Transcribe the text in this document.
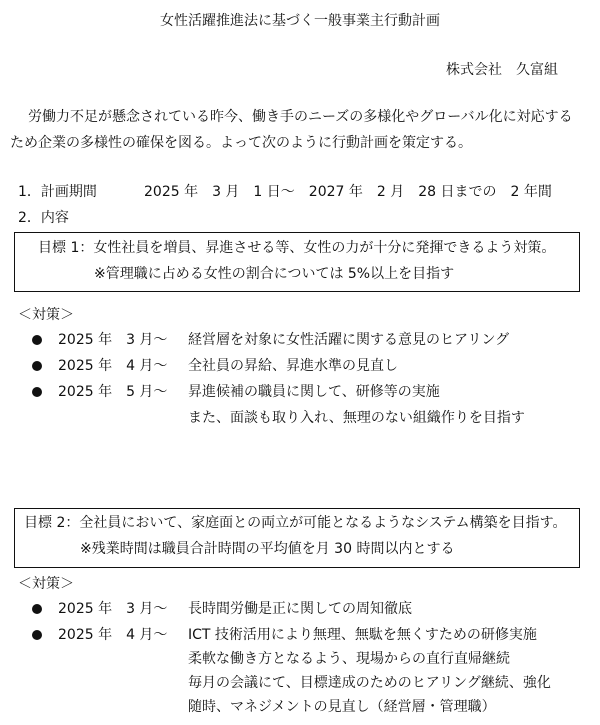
女性活躍推進法に基づく一般事業主行動計画
株式会社　久富組
労働力不足が懸念されている昨今、働き手のニーズの多様化やグローバル化に対応する
ため企業の多様性の確保を図る。よって次のように行動計画を策定する。
1．計画期間	2025 年　3 月　1 日～　2027 年　2 月　28 日までの　2 年間
2．内容
目標 1：女性社員を増員、昇進させる等、女性の力が十分に発揮できるよう対策。
※管理職に占める女性の割合については 5%以上を目指す
＜対策＞
2025 年　3 月～ 経営層を対象に女性活躍に関する意見のヒアリング
2025 年　4 月～ 全社員の昇給、昇進水準の見直し
2025 年　5 月～ 昇進候補の職員に関して、研修等の実施
また、面談も取り入れ、無理のない組織作りを目指す
目標 2：全社員において、家庭面との両立が可能となるようなシステム構築を目指す。
※残業時間は職員合計時間の平均値を月 30 時間以内とする
＜対策＞
2025 年　3 月～ 長時間労働是正に関しての周知徹底
2025 年　4 月～ ICT 技術活用により無理、無駄を無くすための研修実施
柔軟な働き方となるよう、現場からの直行直帰継続
毎月の会議にて、目標達成のためのヒアリング継続、強化
随時、マネジメントの見直し（経営層・管理職）
